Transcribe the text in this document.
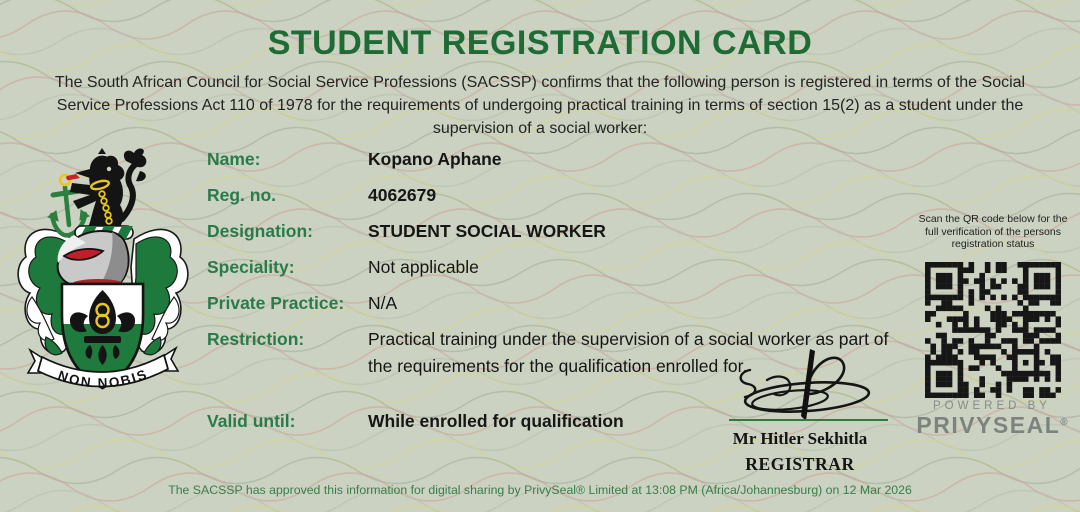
STUDENT REGISTRATION CARD
The South African Council for Social Service Professions (SACSSP) confirms that the following person is registered in terms of the Social Service Professions Act 110 of 1978 for the requirements of undergoing practical training in terms of section 15(2) as a student under the supervision of a social worker:
NON NOBIS
Name:	Kopano Aphane
Reg. no.	4062679
Designation:	STUDENT SOCIAL WORKER
Speciality:	Not applicable
Private Practice:	N/A
Restriction:	Practical training under the supervision of a social worker as part of the requirements for the qualification enrolled for.
Valid until:	While enrolled for qualification
Scan the QR code below for the full verification of the persons registration status
POWERED BY
PRIVYSEAL®
Mr Hitler Sekhitla
REGISTRAR
The SACSSP has approved this information for digital sharing by PrivySeal® Limited at 13:08 PM (Africa/Johannesburg) on 12 Mar 2026
